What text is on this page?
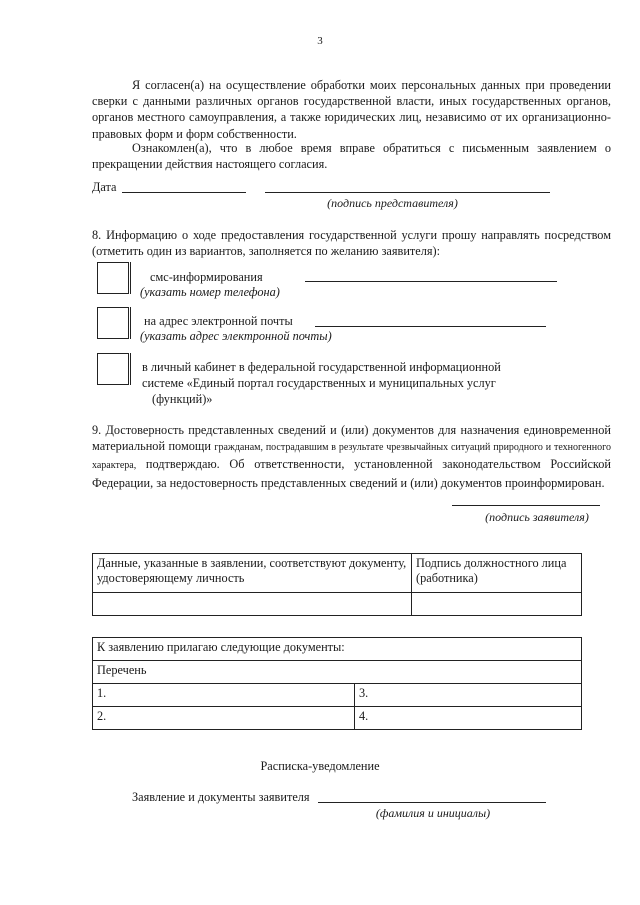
3
Я согласен(а) на осуществление обработки моих персональных данных при проведении сверки с данными различных органов государственной власти, иных государственных органов, органов местного самоуправления, а также юридических лиц, независимо от их организационно-правовых форм и форм собственности.
Ознакомлен(а), что в любое время вправе обратиться с письменным заявлением о прекращении действия настоящего согласия.
Дата
(подпись представителя)
8. Информацию о ходе предоставления государственной услуги прошу направлять посредством (отметить один из вариантов, заполняется по желанию заявителя):
смс-информирования
(указать номер телефона)
на адрес электронной почты
(указать адрес электронной почты)
в личный кабинет в федеральной государственной информационной
системе «Единый портал государственных и муниципальных услуг
(функций)»
9. Достоверность представленных сведений и (или) документов для назначения единовременной материальной помощи гражданам, пострадавшим в результате чрезвычайных ситуаций природного и техногенного характера, подтверждаю. Об ответственности, установленной законодательством Российской Федерации, за недостоверность представленных сведений и (или) документов проинформирован.
(подпись заявителя)
Данные, указанные в заявлении, соответствуют документу, удостоверяющему личность	Подпись должностного лица (работника)

К заявлению прилагаю следующие документы:	
Перечень	
1.	3.
2.	4.
Расписка-уведомление
Заявление и документы заявителя
(фамилия и инициалы)
